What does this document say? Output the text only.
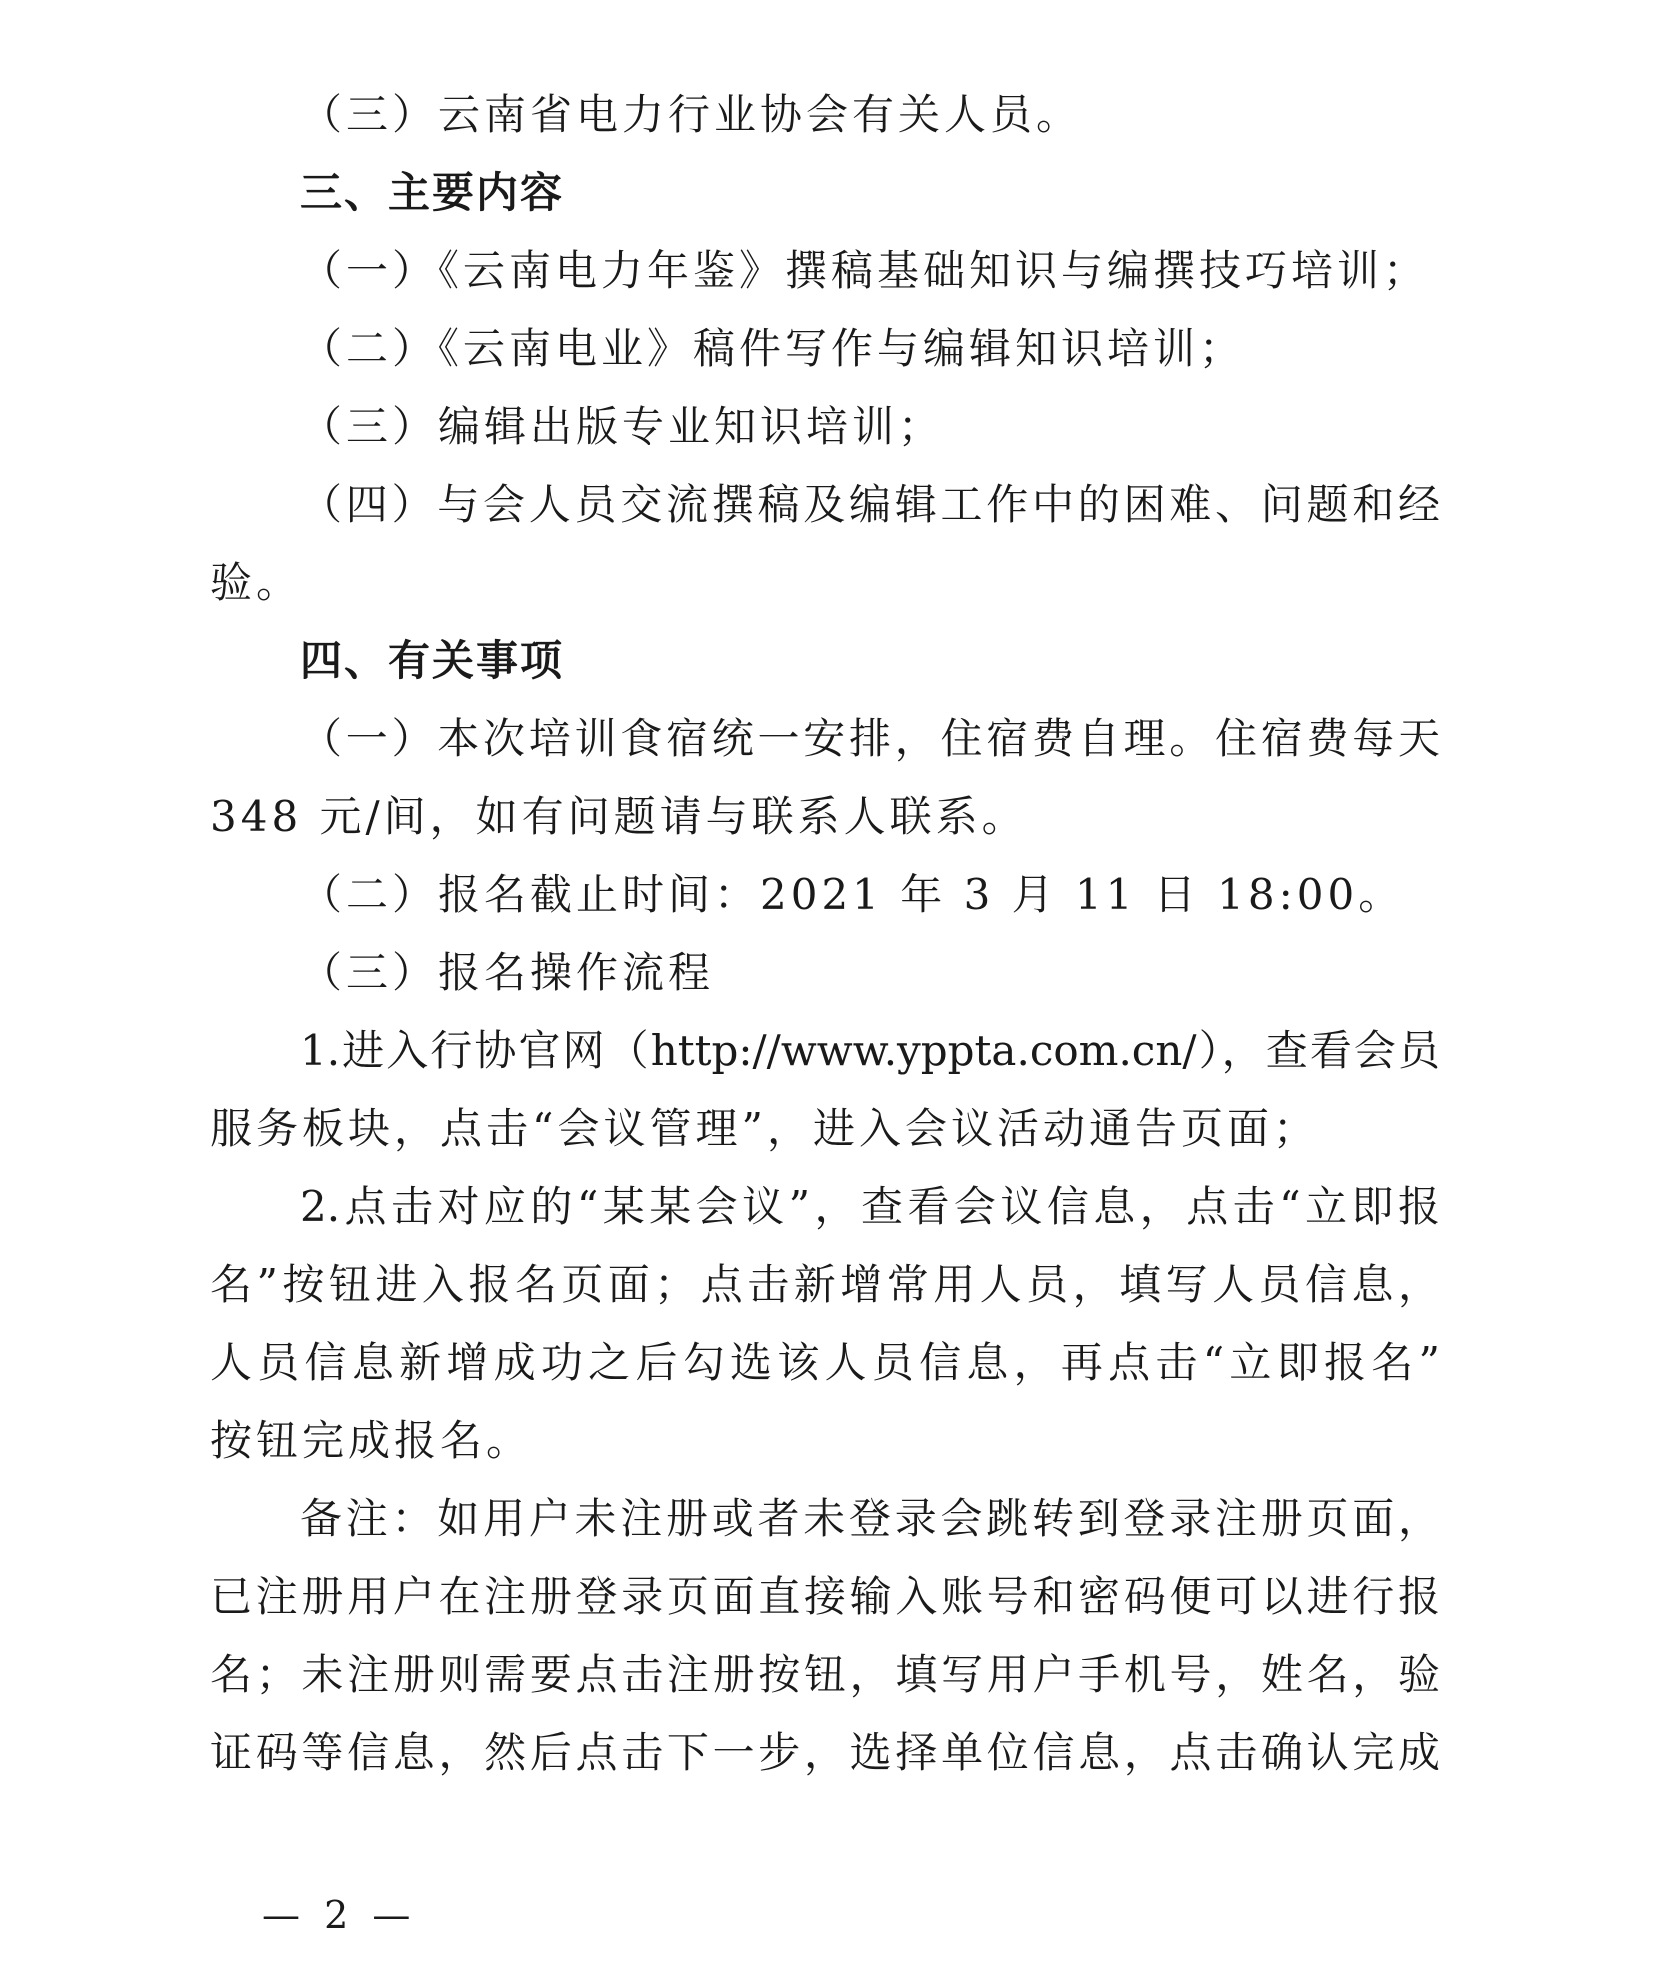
（三）云南省电力行业协会有关人员。
三、主要内容
（一）《云南电力年鉴》撰稿基础知识与编撰技巧培训；
（二）《云南电业》稿件写作与编辑知识培训；
（三）编辑出版专业知识培训；
（四）与会人员交流撰稿及编辑工作中的困难、问题和经
验。
四、有关事项
（一）本次培训食宿统一安排，住宿费自理。住宿费每天
348 元/间，如有问题请与联系人联系。
（二）报名截止时间：2021 年 3 月 11 日 18:00。
（三）报名操作流程
1.进入行协官网（http://www.yppta.com.cn/），查看会员
服务板块，点击“会议管理”，进入会议活动通告页面；
2.点击对应的“某某会议”，查看会议信息，点击“立即报
名”按钮进入报名页面；点击新增常用人员，填写人员信息，
人员信息新增成功之后勾选该人员信息，再点击“立即报名”
按钮完成报名。
备注：如用户未注册或者未登录会跳转到登录注册页面，
已注册用户在注册登录页面直接输入账号和密码便可以进行报
名；未注册则需要点击注册按钮，填写用户手机号，姓名，验
证码等信息，然后点击下一步，选择单位信息，点击确认完成
— 2 —
